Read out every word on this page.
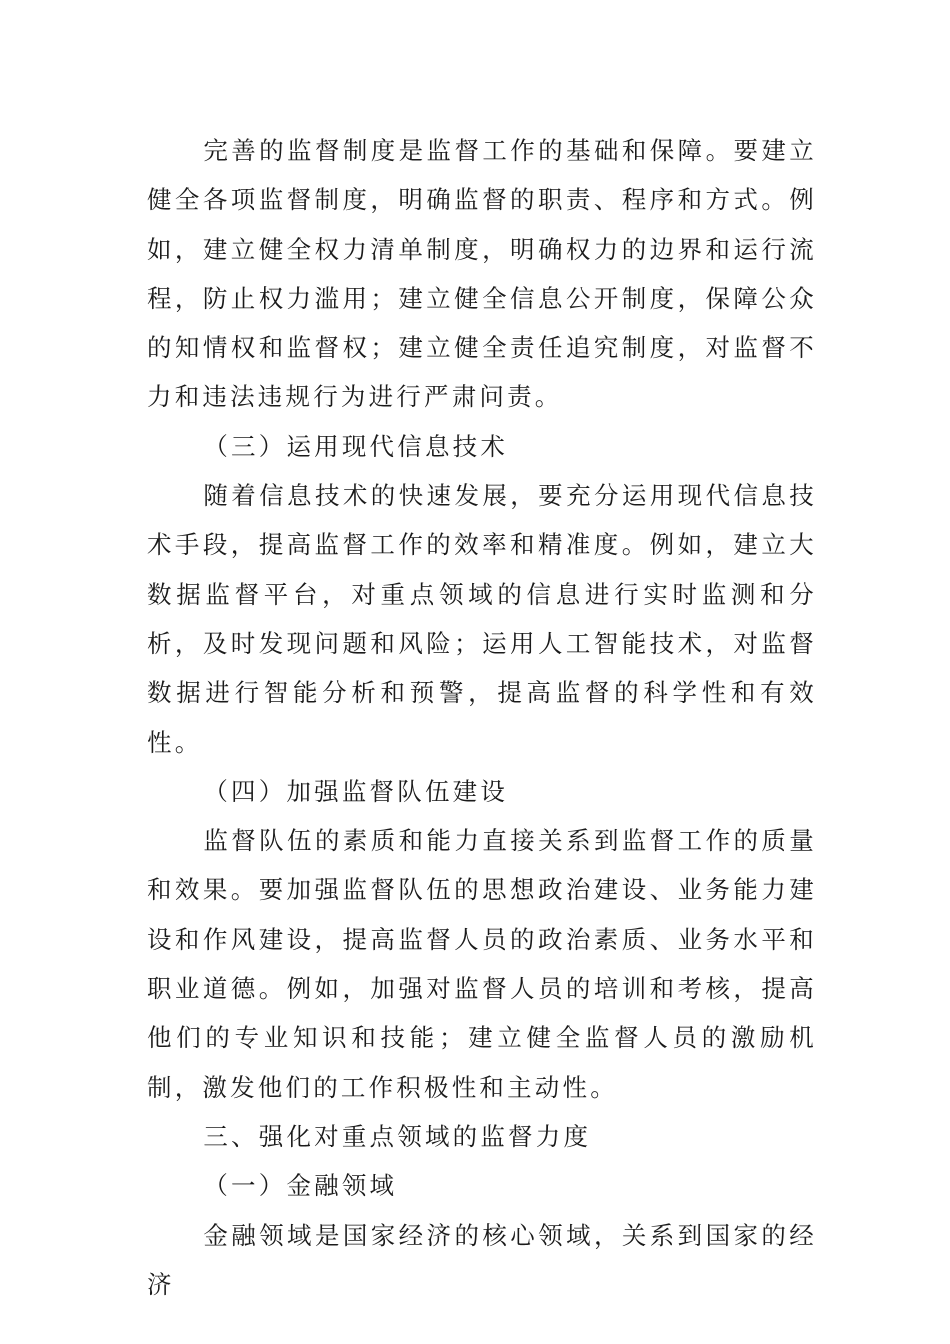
完善的监督制度是监督工作的基础和保障。要建立健全各项监督制度，明确监督的职责、程序和方式。例如，建立健全权力清单制度，明确权力的边界和运行流程，防止权力滥用；建立健全信息公开制度，保障公众的知情权和监督权；建立健全责任追究制度，对监督不力和违法违规行为进行严肃问责。

（三）运用现代信息技术

随着信息技术的快速发展，要充分运用现代信息技术手段，提高监督工作的效率和精准度。例如，建立大数据监督平台，对重点领域的信息进行实时监测和分析，及时发现问题和风险；运用人工智能技术，对监督数据进行智能分析和预警，提高监督的科学性和有效性。

（四）加强监督队伍建设

监督队伍的素质和能力直接关系到监督工作的质量和效果。要加强监督队伍的思想政治建设、业务能力建设和作风建设，提高监督人员的政治素质、业务水平和职业道德。例如，加强对监督人员的培训和考核，提高他们的专业知识和技能；建立健全监督人员的激励机制，激发他们的工作积极性和主动性。

三、强化对重点领域的监督力度

（一）金融领域

金融领域是国家经济的核心领域，关系到国家的经济
